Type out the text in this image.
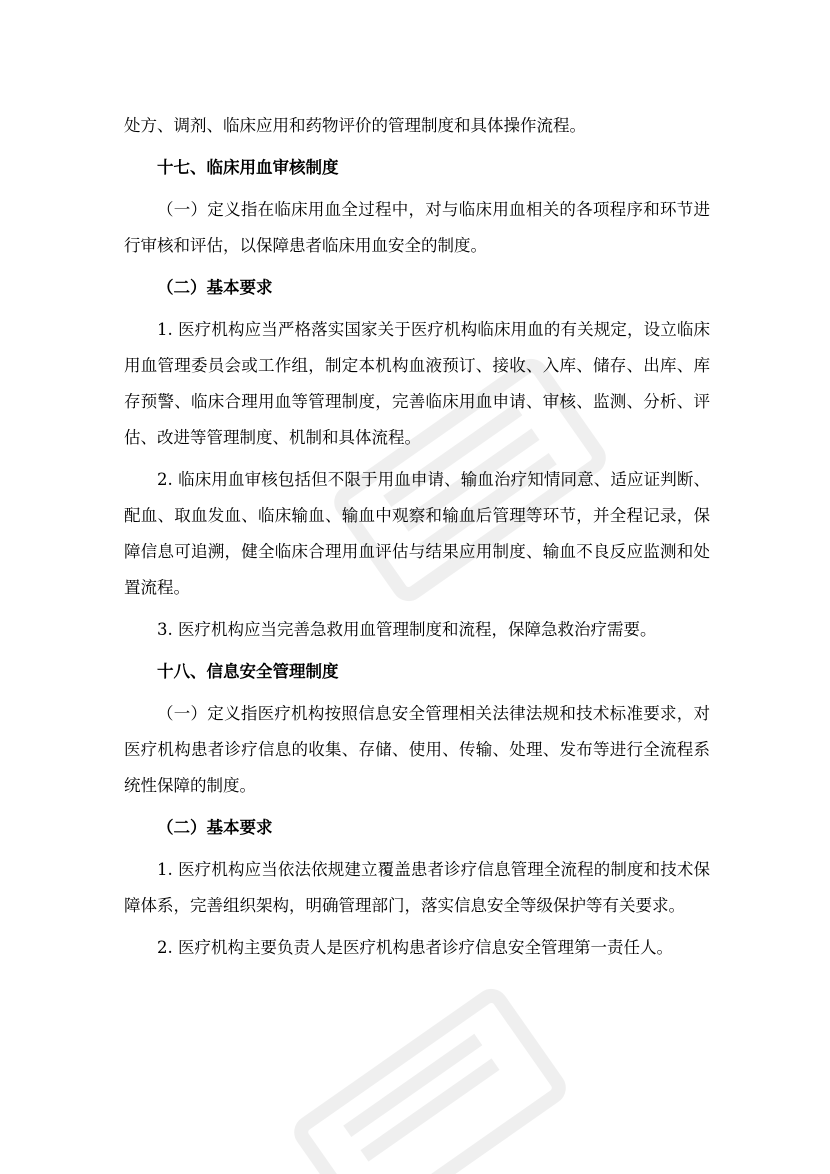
处方、调剂、临床应用和药物评价的管理制度和具体操作流程。

十七、临床用血审核制度

（一）定义指在临床用血全过程中，对与临床用血相关的各项程序和环节进行审核和评估，以保障患者临床用血安全的制度。

（二）基本要求

1. 医疗机构应当严格落实国家关于医疗机构临床用血的有关规定，设立临床用血管理委员会或工作组，制定本机构血液预订、接收、入库、储存、出库、库存预警、临床合理用血等管理制度，完善临床用血申请、审核、监测、分析、评估、改进等管理制度、机制和具体流程。

2. 临床用血审核包括但不限于用血申请、输血治疗知情同意、适应证判断、配血、取血发血、临床输血、输血中观察和输血后管理等环节，并全程记录，保障信息可追溯，健全临床合理用血评估与结果应用制度、输血不良反应监测和处置流程。

3. 医疗机构应当完善急救用血管理制度和流程，保障急救治疗需要。

十八、信息安全管理制度

（一）定义指医疗机构按照信息安全管理相关法律法规和技术标准要求，对医疗机构患者诊疗信息的收集、存储、使用、传输、处理、发布等进行全流程系统性保障的制度。

（二）基本要求

1. 医疗机构应当依法依规建立覆盖患者诊疗信息管理全流程的制度和技术保障体系，完善组织架构，明确管理部门，落实信息安全等级保护等有关要求。

2. 医疗机构主要负责人是医疗机构患者诊疗信息安全管理第一责任人。
